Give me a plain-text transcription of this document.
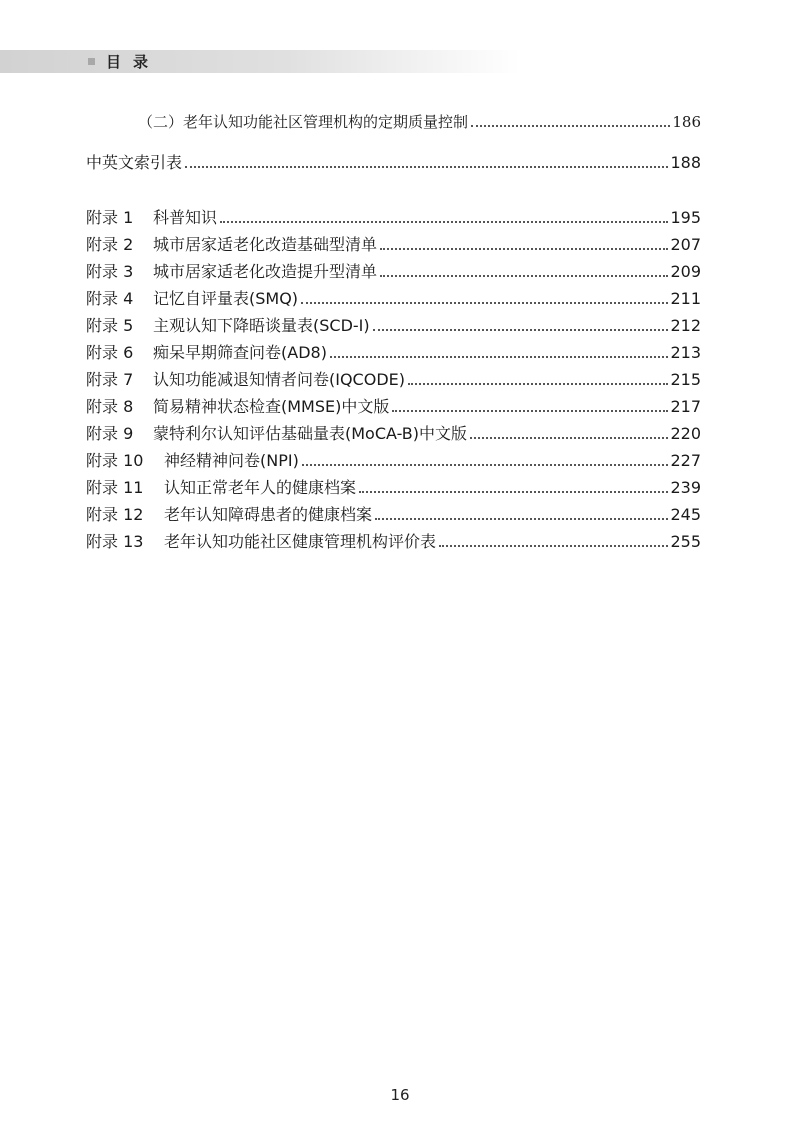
目录
（二）老年认知功能社区管理机构的定期质量控制	186
中英文索引表	188
附录 1 科普知识	195
附录 2 城市居家适老化改造基础型清单	207
附录 3 城市居家适老化改造提升型清单	209
附录 4 记忆自评量表(SMQ)	211
附录 5 主观认知下降晤谈量表(SCD-I)	212
附录 6 痴呆早期筛查问卷(AD8)	213
附录 7 认知功能减退知情者问卷(IQCODE)	215
附录 8 简易精神状态检查(MMSE)中文版	217
附录 9 蒙特利尔认知评估基础量表(MoCA-B)中文版	220
附录 10 神经精神问卷(NPI)	227
附录 11 认知正常老年人的健康档案	239
附录 12 老年认知障碍患者的健康档案	245
附录 13 老年认知功能社区健康管理机构评价表	255
16
